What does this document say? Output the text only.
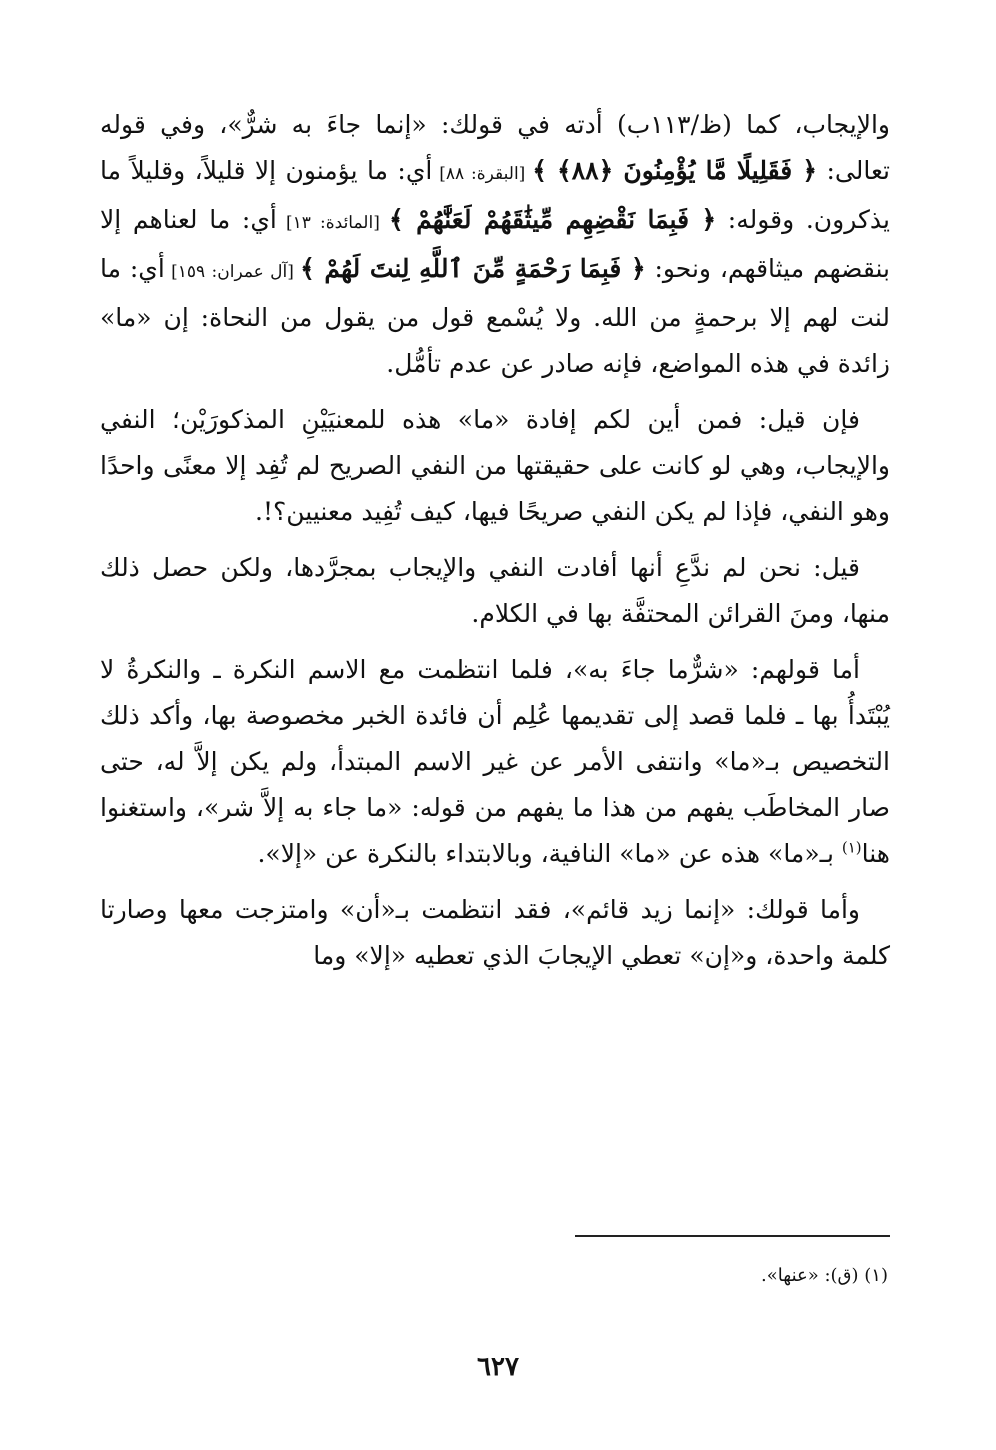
والإيجاب، كما (ظ/١١٣ب) أدته في قولك: «إنما جاءَ به شرٌّ»، وفي قوله تعالى: ﴿ فَقَلِيلًا مَّا يُؤْمِنُونَ ﴿٨٨﴾ ﴾ [البقرة: ٨٨] أي: ما يؤمنون إلا قليلاً، وقليلاً ما يذكرون. وقوله: ﴿ فَبِمَا نَقْضِهِم مِّيثَٰقَهُمْ لَعَنَّٰهُمْ ﴾ [المائدة: ١٣] أي: ما لعناهم إلا بنقضهم ميثاقهم، ونحو: ﴿ فَبِمَا رَحْمَةٍ مِّنَ ٱللَّهِ لِنتَ لَهُمْ ﴾ [آل عمران: ١٥٩] أي: ما لنت لهم إلا برحمةٍ من الله. ولا يُسْمع قول من يقول من النحاة: إن «ما» زائدة في هذه المواضع، فإنه صادر عن عدم تأمُّل.

فإن قيل: فمن أين لكم إفادة «ما» هذه للمعنيَيْنِ المذكورَيْن؛ النفي والإيجاب، وهي لو كانت على حقيقتها من النفي الصريح لم تُفِد إلا معنًى واحدًا وهو النفي، فإذا لم يكن النفي صريحًا فيها، كيف تُفِيد معنيين؟!.

قيل: نحن لم ندَّعِ أنها أفادت النفي والإيجاب بمجرَّدها، ولكن حصل ذلك منها، ومنَ القرائن المحتفَّة بها في الكلام.

أما قولهم: «شرٌّما جاءَ به»، فلما انتظمت مع الاسم النكرة ـ والنكرةُ لا يُبْتَدأُ بها ـ فلما قصد إلى تقديمها عُلِم أن فائدة الخبر مخصوصة بها، وأكد ذلك التخصيص بـ«ما» وانتفى الأمر عن غير الاسم المبتدأ، ولم يكن إلاَّ له، حتى صار المخاطَب يفهم من هذا ما يفهم من قوله: «ما جاء به إلاَّ شر»، واستغنوا هنا$^{(١)}$ بـ«ما» هذه عن «ما» النافية، وبالابتداء بالنكرة عن «إلا».

وأما قولك: «إنما زيد قائم»، فقد انتظمت بـ«أن» وامتزجت معها وصارتا كلمة واحدة، و«إن» تعطي الإيجابَ الذي تعطيه «إلا» وما

(١) (ق): «عنها».
٦٢٧
